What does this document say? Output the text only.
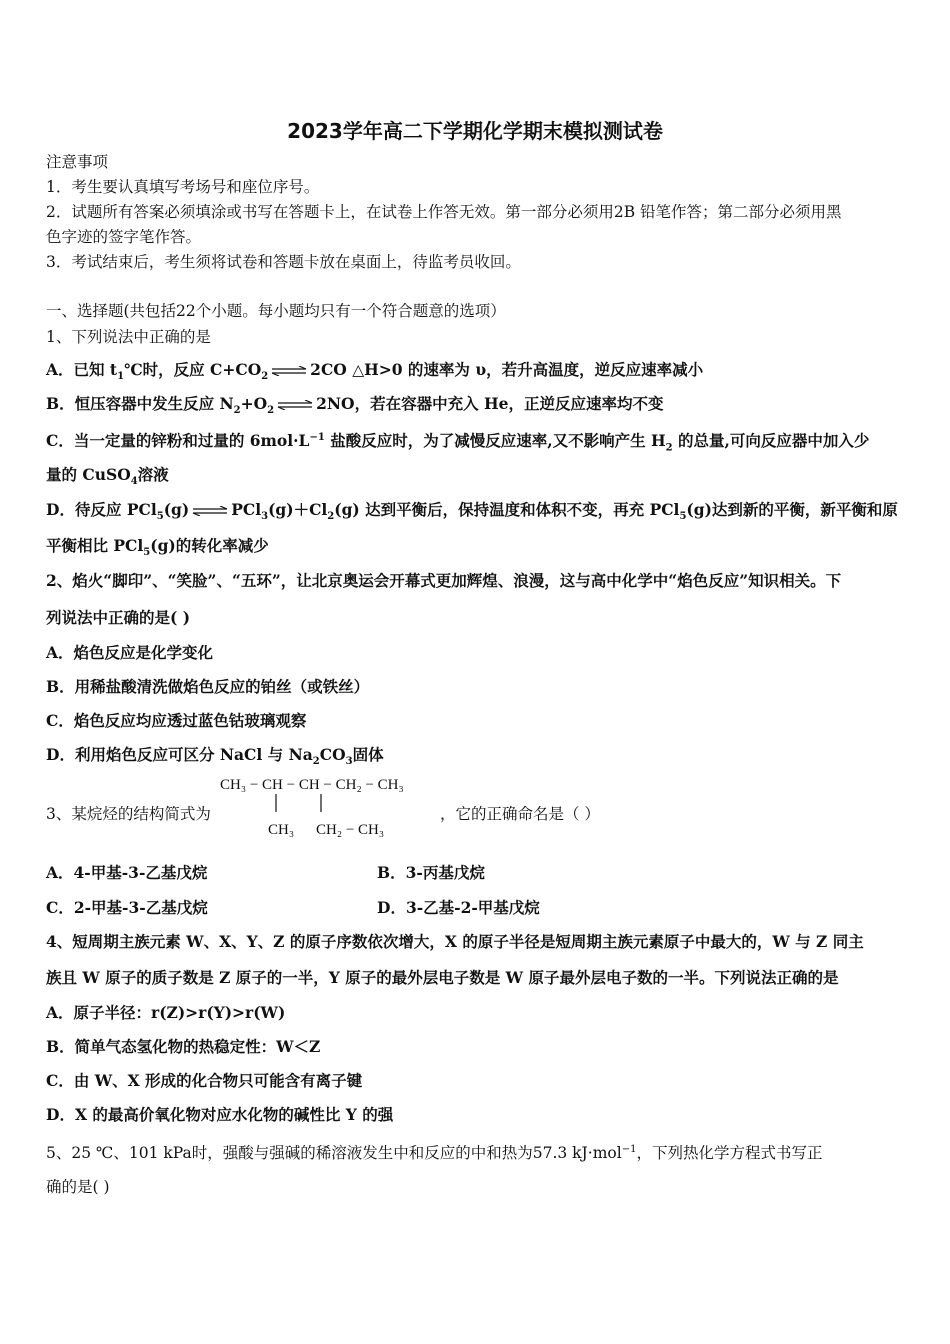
2023学年高二下学期化学期末模拟测试卷
注意事项
1．考生要认真填写考场号和座位序号。
2．试题所有答案必须填涂或书写在答题卡上，在试卷上作答无效。第一部分必须用2B 铅笔作答；第二部分必须用黑
色字迹的签字笔作答。
3．考试结束后，考生须将试卷和答题卡放在桌面上，待监考员收回。
一、选择题(共包括22个小题。每小题均只有一个符合题意的选项）
1、下列说法中正确的是
A．已知 $t_1℃$时，反应 $C+CO_2$ ⇌ 2CO △H>0 的速率为 υ，若升高温度，逆反应速率减小
B．恒压容器中发生反应 $N_2+O_2$ ⇌ 2NO，若在容器中充入 He，正逆反应速率均不变
C．当一定量的锌粉和过量的 $6mol\cdot L^{-1}$ 盐酸反应时，为了减慢反应速率,又不影响产生 $H_2$ 的总量,可向反应器中加入少
量的 CuSO$_4$溶液
D．待反应 PCl$_5$(g) ⇌ $PCl_3(g)+Cl_2(g)$ 达到平衡后，保持温度和体积不变，再充 PCl$_5$(g)达到新的平衡，新平衡和原
平衡相比 PCl$_5$(g)的转化率减少
2、焰火“脚印”、“笑脸”、“五环”，让北京奥运会开幕式更加辉煌、浪漫，这与高中化学中“焰色反应”知识相关。下
列说法中正确的是( )
A．焰色反应是化学变化
B．用稀盐酸清洗做焰色反应的铂丝（或铁丝）
C．焰色反应均应透过蓝色钴玻璃观察
D．利用焰色反应可区分 NaCl 与 $Na_2CO_3$固体
3、某烷烃的结构简式为
CH₃ − CH − CH − CH₂ − CH₃
CH₃ CH₂ − CH₃
，它的正确命名是（ ）
A．4-甲基-3-乙基戊烷	B．3-丙基戊烷
C．2-甲基-3-乙基戊烷	D．3-乙基-2-甲基戊烷
4、短周期主族元素 W、X、Y、Z 的原子序数依次增大，X 的原子半径是短周期主族元素原子中最大的，W 与 Z 同主
族且 W 原子的质子数是 Z 原子的一半，Y 原子的最外层电子数是 W 原子最外层电子数的一半。下列说法正确的是
A．原子半径：r(Z)>r(Y)>r(W)
B．简单气态氢化物的热稳定性：W＜Z
C．由 W、X 形成的化合物只可能含有离子键
D．X 的最高价氧化物对应水化物的碱性比 Y 的强
5、25 ℃、101 kPa时，强酸与强碱的稀溶液发生中和反应的中和热为57.3 kJ·mol$^{-1}$，下列热化学方程式书写正
确的是( )
